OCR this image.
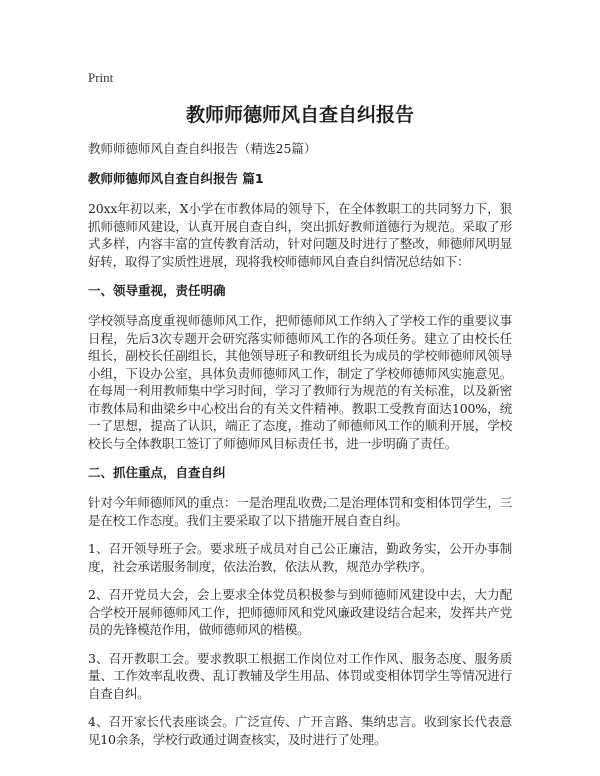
Print
教师师德师风自查自纠报告
教师师德师风自查自纠报告（精选25篇）
教师师德师风自查自纠报告 篇1

20xx年初以来，X小学在市教体局的领导下，在全体教职工的共同努力下，狠抓师德师风建设，认真开展自查自纠，突出抓好教师道德行为规范。采取了形式多样，内容丰富的宣传教育活动，针对问题及时进行了整改，师德师风明显好转，取得了实质性进展，现将我校师德师风自查自纠情况总结如下：

一、领导重视，责任明确

学校领导高度重视师德师风工作，把师德师风工作纳入了学校工作的重要议事日程，先后3次专题开会研究落实师德师风工作的各项任务。建立了由校长任组长，副校长任副组长，其他领导班子和教研组长为成员的学校师德师风领导小组，下设办公室，具体负责师德师风工作，制定了学校师德师风实施意见。在每周一利用教师集中学习时间，学习了教师行为规范的有关标准，以及新密市教体局和曲梁乡中心校出台的有关文件精神。教职工受教育面达100%，统一了思想，提高了认识，端正了态度，推动了师德师风工作的顺利开展，学校校长与全体教职工签订了师德师风目标责任书，进一步明确了责任。

二、抓住重点，自查自纠

针对今年师德师风的重点：一是治理乱收费;二是治理体罚和变相体罚学生，三是在校工作态度。我们主要采取了以下措施开展自查自纠。

1、召开领导班子会。要求班子成员对自己公正廉洁，勤政务实，公开办事制度，社会承诺服务制度，依法治教，依法从教，规范办学秩序。

2、召开党员大会，会上要求全体党员积极参与到师德师风建设中去，大力配合学校开展师德师风工作，把师德师风和党风廉政建设结合起来，发挥共产党员的先锋模范作用，做师德师风的楷模。

3、召开教职工会。要求教职工根据工作岗位对工作作风、服务态度、服务质量、工作效率乱收费、乱订教辅及学生用品、体罚或变相体罚学生等情况进行自查自纠。

4、召开家长代表座谈会。广泛宣传、广开言路、集纳忠言。收到家长代表意见10余条，学校行政通过调查核实，及时进行了处理。
